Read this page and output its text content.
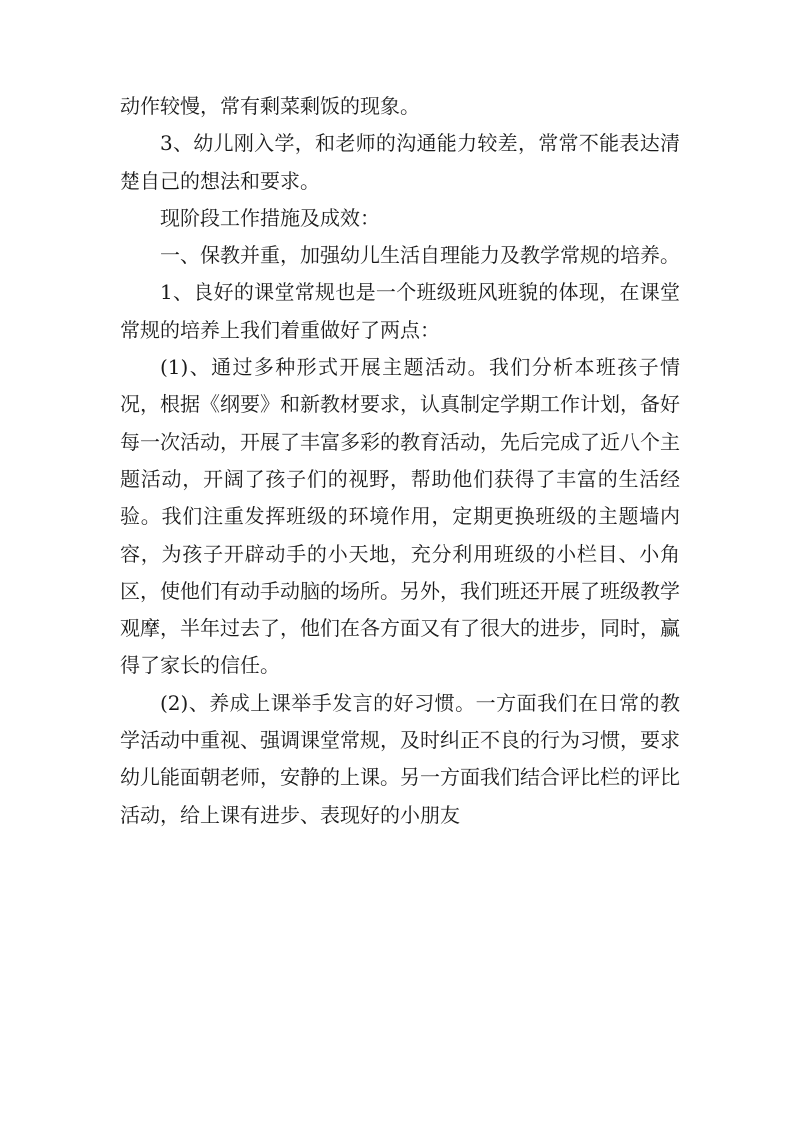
动作较慢，常有剩菜剩饭的现象。

3、幼儿刚入学，和老师的沟通能力较差，常常不能表达清楚自己的想法和要求。

现阶段工作措施及成效：

一、保教并重，加强幼儿生活自理能力及教学常规的培养。

1、良好的课堂常规也是一个班级班风班貌的体现，在课堂常规的培养上我们着重做好了两点：

(1)、通过多种形式开展主题活动。我们分析本班孩子情况，根据《纲要》和新教材要求，认真制定学期工作计划，备好每一次活动，开展了丰富多彩的教育活动，先后完成了近八个主题活动，开阔了孩子们的视野，帮助他们获得了丰富的生活经验。我们注重发挥班级的环境作用，定期更换班级的主题墙内容，为孩子开辟动手的小天地，充分利用班级的小栏目、小角区，使他们有动手动脑的场所。另外，我们班还开展了班级教学观摩，半年过去了，他们在各方面又有了很大的进步，同时，赢得了家长的信任。

(2)、养成上课举手发言的好习惯。一方面我们在日常的教学活动中重视、强调课堂常规，及时纠正不良的行为习惯，要求幼儿能面朝老师，安静的上课。另一方面我们结合评比栏的评比活动，给上课有进步、表现好的小朋友
